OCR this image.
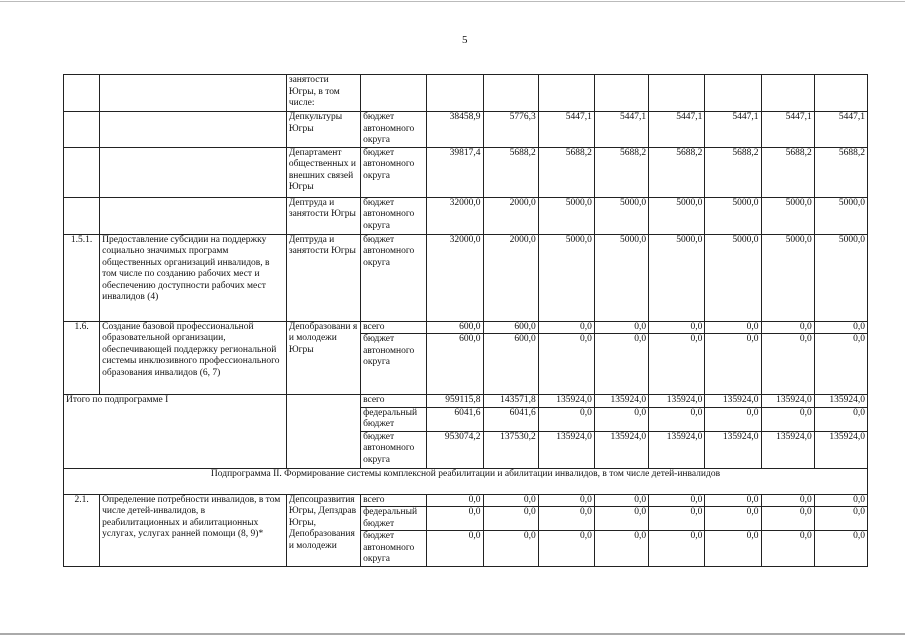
5
		занятости Югры, в том числе:									
		Депкультуры Югры	бюджет автономного округа	38458,9	5776,3	5447,1	5447,1	5447,1	5447,1	5447,1	5447,1
		Департамент общественных и внешних связей Югры	бюджет автономного округа	39817,4	5688,2	5688,2	5688,2	5688,2	5688,2	5688,2	5688,2
		Дептруда и занятости Югры	бюджет автономного округа	32000,0	2000,0	5000,0	5000,0	5000,0	5000,0	5000,0	5000,0
1.5.1.	Предоставление субсидии на поддержку социально значимых программ общественных организаций инвалидов, в том числе по созданию рабочих мест и обеспечению доступности рабочих мест инвалидов (4)	Дептруда и занятости Югры	бюджет автономного округа	32000,0	2000,0	5000,0	5000,0	5000,0	5000,0	5000,0	5000,0
1.6.	Создание базовой профессиональной образовательной организации, обеспечивающей поддержку региональной системы инклюзивного профессионального образования инвалидов (6, 7)	Депобразовани я и молодежи Югры	всего	600,0	600,0	0,0	0,0	0,0	0,0	0,0	0,0
			бюджет автономного округа	600,0	600,0	0,0	0,0	0,0	0,0	0,0	0,0
Итого по подпрограмме I			всего	959115,8	143571,8	135924,0	135924,0	135924,0	135924,0	135924,0	135924,0
			федеральный бюджет	6041,6	6041,6	0,0	0,0	0,0	0,0	0,0	0,0
			бюджет автономного округа	953074,2	137530,2	135924,0	135924,0	135924,0	135924,0	135924,0	135924,0
Подпрограмма II. Формирование системы комплексной реабилитации и абилитации инвалидов, в том числе детей-инвалидов											
2.1.	Определение потребности инвалидов, в том числе детей-инвалидов, в реабилитационных и абилитационных услугах, услугах ранней помощи (8, 9)*	Депсоцразвития Югры, Депздрав Югры, Депобразования и молодежи	всего	0,0	0,0	0,0	0,0	0,0	0,0	0,0	0,0
			федеральный бюджет	0,0	0,0	0,0	0,0	0,0	0,0	0,0	0,0
			бюджет автономного округа	0,0	0,0	0,0	0,0	0,0	0,0	0,0	0,0
